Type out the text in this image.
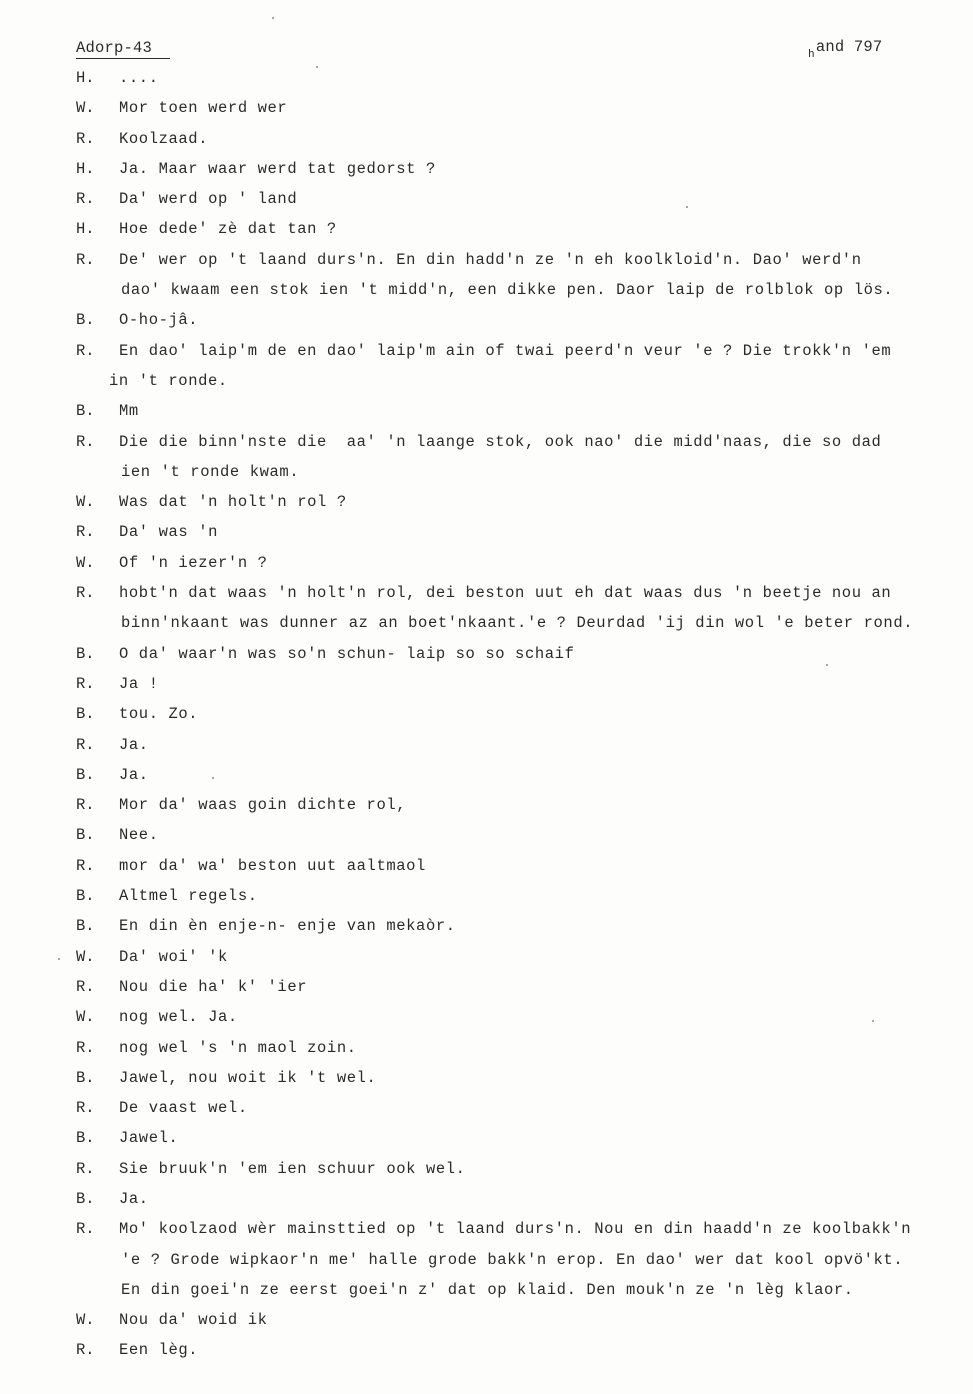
Adorp-43	$_h$and 797
H.	....
W.	Mor toen werd wer
R.	Koolzaad.
H.	Ja. Maar waar werd tat gedorst ?
R.	Da' werd op ' land
H.	Hoe dede' zè dat tan ?
R.	De' wer op 't laand durs'n. En din hadd'n ze 'n eh koolkloid'n. Dao' werd'n
dao' kwaam een stok ien 't midd'n, een dikke pen. Daor laip de rolblok op lös.
B.	O-ho-jâ.
R.	En dao' laip'm de en dao' laip'm ain of twai peerd'n veur 'e ? Die trokk'n 'em
in 't ronde.
B.	Mm
R.	Die die binn'nste die  aa' 'n laange stok, ook nao' die midd'naas, die so dad
ien 't ronde kwam.
W.	Was dat 'n holt'n rol ?
R.	Da' was 'n
W.	Of 'n iezer'n ?
R.	hobt'n dat waas 'n holt'n rol, dei beston uut eh dat waas dus 'n beetje nou an
binn'nkaant was dunner az an boet'nkaant.'e ? Deurdad 'ij din wol 'e beter rond.
B.	O da' waar'n was so'n schun- laip so so schaif
R.	Ja !
B.	tou. Zo.
R.	Ja.
B.	Ja.
R.	Mor da' waas goin dichte rol,
B.	Nee.
R.	mor da' wa' beston uut aaltmaol
B.	Altmel regels.
B.	En din èn enje-n- enje van mekaòr.
W.	Da' woi' 'k
R.	Nou die ha' k' 'ier
W.	nog wel. Ja.
R.	nog wel 's 'n maol zoin.
B.	Jawel, nou woit ik 't wel.
R.	De vaast wel.
B.	Jawel.
R.	Sie bruuk'n 'em ien schuur ook wel.
B.	Ja.
R.	Mo' koolzaod wèr mainsttied op 't laand durs'n. Nou en din haadd'n ze koolbakk'n
'e ? Grode wipkaor'n me' halle grode bakk'n erop. En dao' wer dat kool opvö'kt.
En din goei'n ze eerst goei'n z' dat op klaid. Den mouk'n ze 'n lèg klaor.
W.	Nou da' woid ik
R.	Een lèg.
